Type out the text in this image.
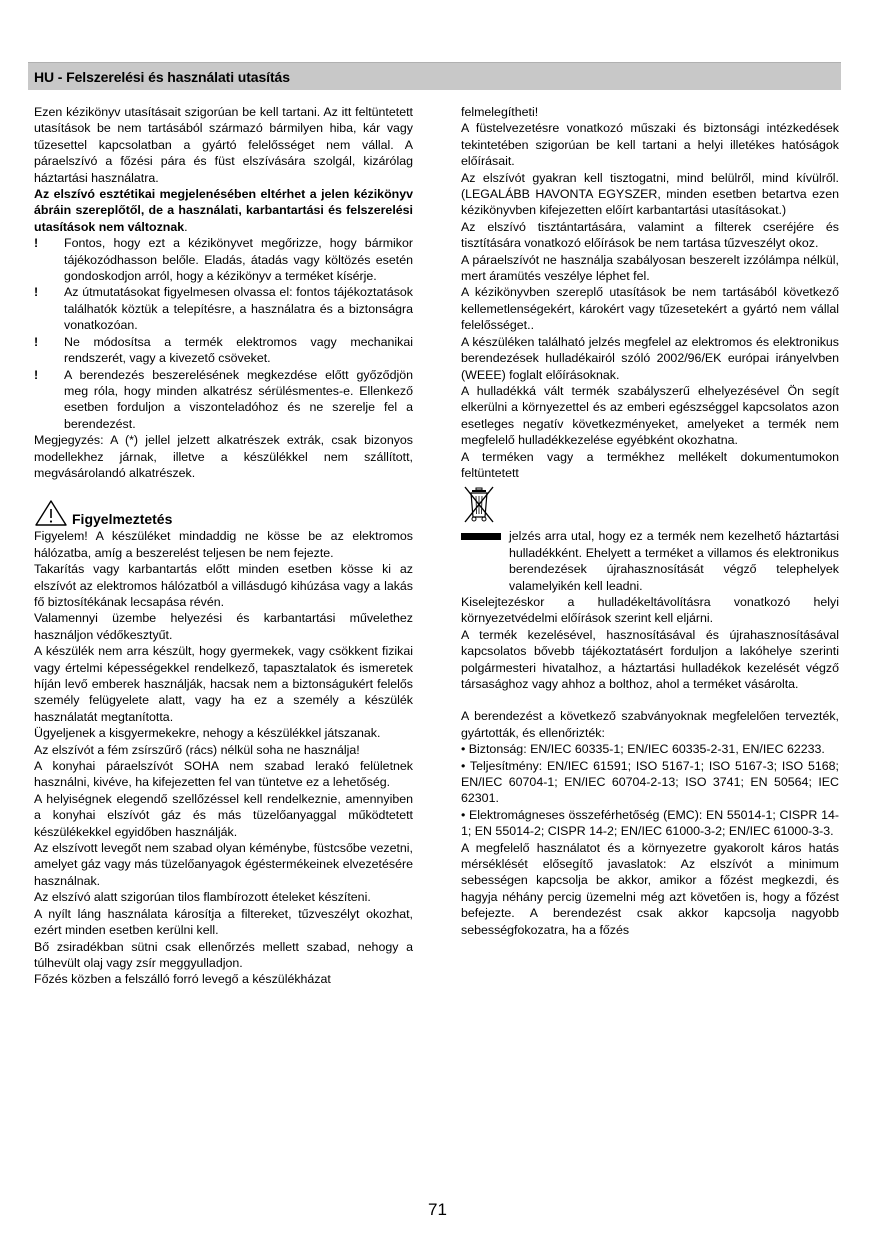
HU - Felszerelési és használati utasítás

Ezen kézikönyv utasításait szigorúan be kell tartani. Az itt feltüntetett utasítások be nem tartásából származó bármilyen hiba, kár vagy tűzesettel kapcsolatban a gyártó felelősséget nem vállal. A páraelszívó a főzési pára és füst elszívására szolgál, kizárólag háztartási használatra.

Az elszívó esztétikai megjelenésében eltérhet a jelen kézikönyv ábráin szereplőtől, de a használati, karbantartási és felszerelési utasítások nem változnak.

! Fontos, hogy ezt a kézikönyvet megőrizze, hogy bármikor tájékozódhasson belőle. Eladás, átadás vagy költözés esetén gondoskodjon arról, hogy a kézikönyv a terméket kísérje.
! Az útmutatásokat figyelmesen olvassa el: fontos tájékoztatások találhatók köztük a telepítésre, a használatra és a biztonságra vonatkozóan.
! Ne módosítsa a termék elektromos vagy mechanikai rendszerét, vagy a kivezető csöveket.
! A berendezés beszerelésének megkezdése előtt győződjön meg róla, hogy minden alkatrész sérülésmentes-e. Ellenkező esetben forduljon a viszonteladóhoz és ne szerelje fel a berendezést.

Megjegyzés: A (*) jellel jelzett alkatrészek extrák, csak bizonyos modellekhez járnak, illetve a készülékkel nem szállított, megvásárolandó alkatrészek.

Figyelmeztetés

Figyelem! A készüléket mindaddig ne kösse be az elektromos hálózatba, amíg a beszerelést teljesen be nem fejezte.

Takarítás vagy karbantartás előtt minden esetben kösse ki az elszívót az elektromos hálózatból a villásdugó kihúzása vagy a lakás fő biztosítékának lecsapása révén.

Valamennyi üzembe helyezési és karbantartási művelethez használjon védőkesztyűt.

A készülék nem arra készült, hogy gyermekek, vagy csökkent fizikai vagy értelmi képességekkel rendelkező, tapasztalatok és ismeretek híján levő emberek használják, hacsak nem a biztonságukért felelős személy felügyelete alatt, vagy ha ez a személy a készülék használatát megtanította.

Ügyeljenek a kisgyermekekre, nehogy a készülékkel játszanak.

Az elszívót a fém zsírszűrő (rács) nélkül soha ne használja!

A konyhai páraelszívót SOHA nem szabad lerakó felületnek használni, kivéve, ha kifejezetten fel van tüntetve ez a lehetőség.

A helyiségnek elegendő szellőzéssel kell rendelkeznie, amennyiben a konyhai elszívót gáz és más tüzelőanyaggal működtetett készülékekkel egyidőben használják.

Az elszívott levegőt nem szabad olyan kéménybe, füstcsőbe vezetni, amelyet gáz vagy más tüzelőanyagok égéstermékeinek elvezetésére használnak.

Az elszívó alatt szigorúan tilos flambírozott ételeket készíteni.

A nyílt láng használata károsítja a filtereket, tűzveszélyt okozhat, ezért minden esetben kerülni kell.

Bő zsiradékban sütni csak ellenőrzés mellett szabad, nehogy a túlhevült olaj vagy zsír meggyulladjon.

Főzés közben a felszálló forró levegő a készülékházat

felmelegítheti!

A füstelvezetésre vonatkozó műszaki és biztonsági intézkedések tekintetében szigorúan be kell tartani a helyi illetékes hatóságok előírásait.

Az elszívót gyakran kell tisztogatni, mind belülről, mind kívülről. (LEGALÁBB HAVONTA EGYSZER, minden esetben betartva ezen kézikönyvben kifejezetten előírt karbantartási utasításokat.)

Az elszívó tisztántartására, valamint a filterek cseréjére és tisztítására vonatkozó előírások be nem tartása tűzveszélyt okoz.

A páraelszívót ne használja szabályosan beszerelt izzólámpa nélkül, mert áramütés veszélye léphet fel.

A kézikönyvben szereplő utasítások be nem tartásából következő kellemetlenségekért, károkért vagy tűzesetekért a gyártó nem vállal felelősséget..

A készüléken található jelzés megfelel az elektromos és elektronikus berendezések hulladékairól szóló 2002/96/EK európai irányelvben (WEEE) foglalt előírásoknak.

A hulladékká vált termék szabályszerű elhelyezésével Ön segít elkerülni a környezettel és az emberi egészséggel kapcsolatos azon esetleges negatív következményeket, amelyeket a termék nem megfelelő hulladékkezelése egyébként okozhatna.

A terméken vagy a termékhez mellékelt dokumentumokon feltüntetett

jelzés arra utal, hogy ez a termék nem kezelhető háztartási hulladékként. Ehelyett a terméket a villamos és elektronikus berendezések újrahasznosítását végző telephelyek valamelyikén kell leadni.

Kiselejtezéskor a hulladékeltávolításra vonatkozó helyi környezetvédelmi előírások szerint kell eljárni.

A termék kezelésével, hasznosításával és újrahasznosításával kapcsolatos bővebb tájékoztatásért forduljon a lakóhelye szerinti polgármesteri hivatalhoz, a háztartási hulladékok kezelését végző társasághoz vagy ahhoz a bolthoz, ahol a terméket vásárolta.

A berendezést a következő szabványoknak megfelelően tervezték, gyártották, és ellenőrizték:

• Biztonság: EN/IEC 60335-1; EN/IEC 60335-2-31, EN/IEC 62233.

• Teljesítmény: EN/IEC 61591; ISO 5167-1; ISO 5167-3; ISO 5168; EN/IEC 60704-1; EN/IEC 60704-2-13; ISO 3741; EN 50564; IEC 62301.

• Elektromágneses összeférhetőség (EMC): EN 55014-1; CISPR 14-1; EN 55014-2; CISPR 14-2; EN/IEC 61000-3-2; EN/IEC 61000-3-3.

A megfelelő használatot és a környezetre gyakorolt káros hatás mérséklését elősegítő javaslatok: Az elszívót a minimum sebességen kapcsolja be akkor, amikor a főzést megkezdi, és hagyja néhány percig üzemelni még azt követően is, hogy a főzést befejezte. A berendezést csak akkor kapcsolja nagyobb sebességfokozatra, ha a főzés

71
